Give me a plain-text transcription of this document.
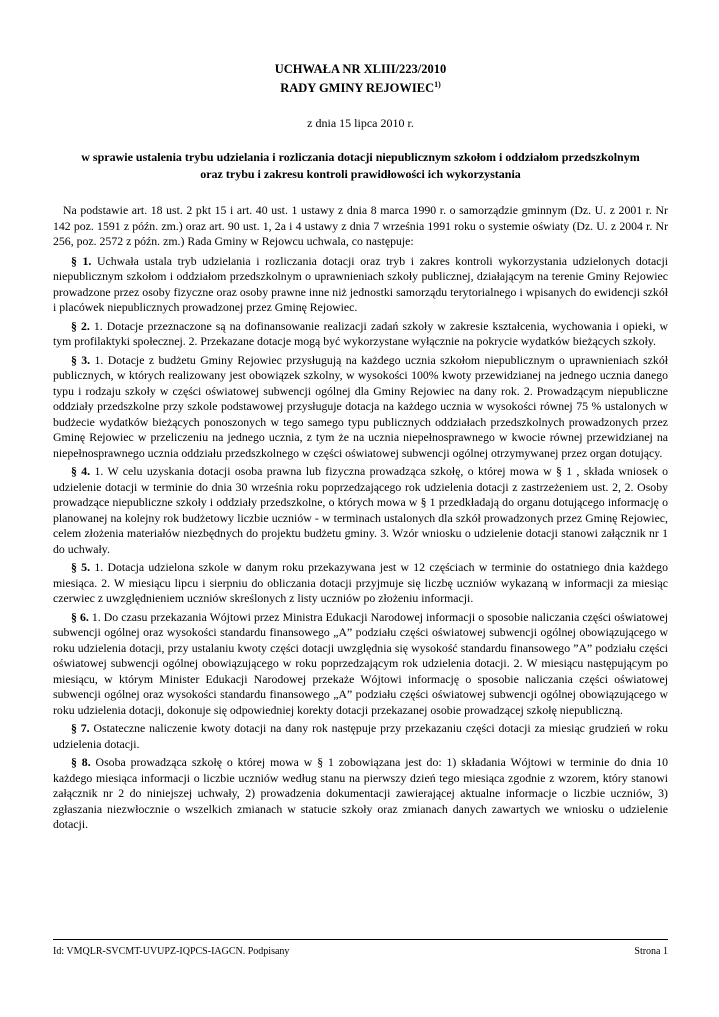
UCHWAŁA NR XLIII/223/2010
RADY GMINY REJOWIEC$^{1)}$
z dnia 15 lipca 2010 r.
w sprawie ustalenia trybu udzielania i rozliczania dotacji niepublicznym szkołom i oddziałom przedszkolnym oraz trybu i zakresu kontroli prawidłowości ich wykorzystania

Na podstawie art. 18 ust. 2 pkt 15 i art. 40 ust. 1 ustawy z dnia 8 marca 1990 r. o samorządzie gminnym (Dz. U. z 2001 r. Nr 142 poz. 1591 z późn. zm.) oraz art. 90 ust. 1, 2a i 4 ustawy z dnia 7 września 1991 roku o systemie oświaty (Dz. U. z 2004 r. Nr 256, poz. 2572 z późn. zm.) Rada Gminy w Rejowcu uchwala, co następuje:

§ 1. Uchwała ustala tryb udzielania i rozliczania dotacji oraz tryb i zakres kontroli wykorzystania udzielonych dotacji niepublicznym szkołom i oddziałom przedszkolnym o uprawnieniach szkoły publicznej, działającym na terenie Gminy Rejowiec prowadzone przez osoby fizyczne oraz osoby prawne inne niż jednostki samorządu terytorialnego i wpisanych do ewidencji szkół i placówek niepublicznych prowadzonej przez Gminę Rejowiec.

§ 2. 1. Dotacje przeznaczone są na dofinansowanie realizacji zadań szkoły w zakresie kształcenia, wychowania i opieki, w tym profilaktyki społecznej. 2. Przekazane dotacje mogą być wykorzystane wyłącznie na pokrycie wydatków bieżących szkoły.

§ 3. 1. Dotacje z budżetu Gminy Rejowiec przysługują na każdego ucznia szkołom niepublicznym o uprawnieniach szkół publicznych, w których realizowany jest obowiązek szkolny, w wysokości 100% kwoty przewidzianej na jednego ucznia danego typu i rodzaju szkoły w części oświatowej subwencji ogólnej dla Gminy Rejowiec na dany rok. 2. Prowadzącym niepubliczne oddziały przedszkolne przy szkole podstawowej przysługuje dotacja na każdego ucznia w wysokości równej 75 % ustalonych w budżecie wydatków bieżących ponoszonych w tego samego typu publicznych oddziałach przedszkolnych prowadzonych przez Gminę Rejowiec w przeliczeniu na jednego ucznia, z tym że na ucznia niepełnosprawnego w kwocie równej przewidzianej na niepełnosprawnego ucznia oddziału przedszkolnego w części oświatowej subwencji ogólnej otrzymywanej przez organ dotujący.

§ 4. 1. W celu uzyskania dotacji osoba prawna lub fizyczna prowadząca szkołę, o której mowa w § 1 , składa wniosek o udzielenie dotacji w terminie do dnia 30 września roku poprzedzającego rok udzielenia dotacji z zastrzeżeniem ust. 2, 2. Osoby prowadzące niepubliczne szkoły i oddziały przedszkolne, o których mowa w § 1 przedkładają do organu dotującego informację o planowanej na kolejny rok budżetowy liczbie uczniów - w terminach ustalonych dla szkół prowadzonych przez Gminę Rejowiec, celem złożenia materiałów niezbędnych do projektu budżetu gminy. 3. Wzór wniosku o udzielenie dotacji stanowi załącznik nr 1 do uchwały.

§ 5. 1. Dotacja udzielona szkole w danym roku przekazywana jest w 12 częściach w terminie do ostatniego dnia każdego miesiąca. 2. W miesiącu lipcu i sierpniu do obliczania dotacji przyjmuje się liczbę uczniów wykazaną w informacji za miesiąc czerwiec z uwzględnieniem uczniów skreślonych z listy uczniów po złożeniu informacji.

§ 6. 1. Do czasu przekazania Wójtowi przez Ministra Edukacji Narodowej informacji o sposobie naliczania części oświatowej subwencji ogólnej oraz wysokości standardu finansowego „A” podziału części oświatowej subwencji ogólnej obowiązującego w roku udzielenia dotacji, przy ustalaniu kwoty części dotacji uwzględnia się wysokość standardu finansowego ”A” podziału części oświatowej subwencji ogólnej obowiązującego w roku poprzedzającym rok udzielenia dotacji. 2. W miesiącu następującym po miesiącu, w którym Minister Edukacji Narodowej przekaże Wójtowi informację o sposobie naliczania części oświatowej subwencji ogólnej oraz wysokości standardu finansowego „A” podziału części oświatowej subwencji ogólnej obowiązującego w roku udzielenia dotacji, dokonuje się odpowiedniej korekty dotacji przekazanej osobie prowadzącej szkołę niepubliczną.

§ 7. Ostateczne naliczenie kwoty dotacji na dany rok następuje przy przekazaniu części dotacji za miesiąc grudzień w roku udzielenia dotacji.

§ 8. Osoba prowadząca szkołę o której mowa w § 1 zobowiązana jest do: 1) składania Wójtowi w terminie do dnia 10 każdego miesiąca informacji o liczbie uczniów według stanu na pierwszy dzień tego miesiąca zgodnie z wzorem, który stanowi załącznik nr 2 do niniejszej uchwały, 2) prowadzenia dokumentacji zawierającej aktualne informacje o liczbie uczniów, 3) zgłaszania niezwłocznie o wszelkich zmianach w statucie szkoły oraz zmianach danych zawartych we wniosku o udzielenie dotacji.

Id: VMQLR-SVCMT-UVUPZ-IQPCS-IAGCN. Podpisany	Strona 1
